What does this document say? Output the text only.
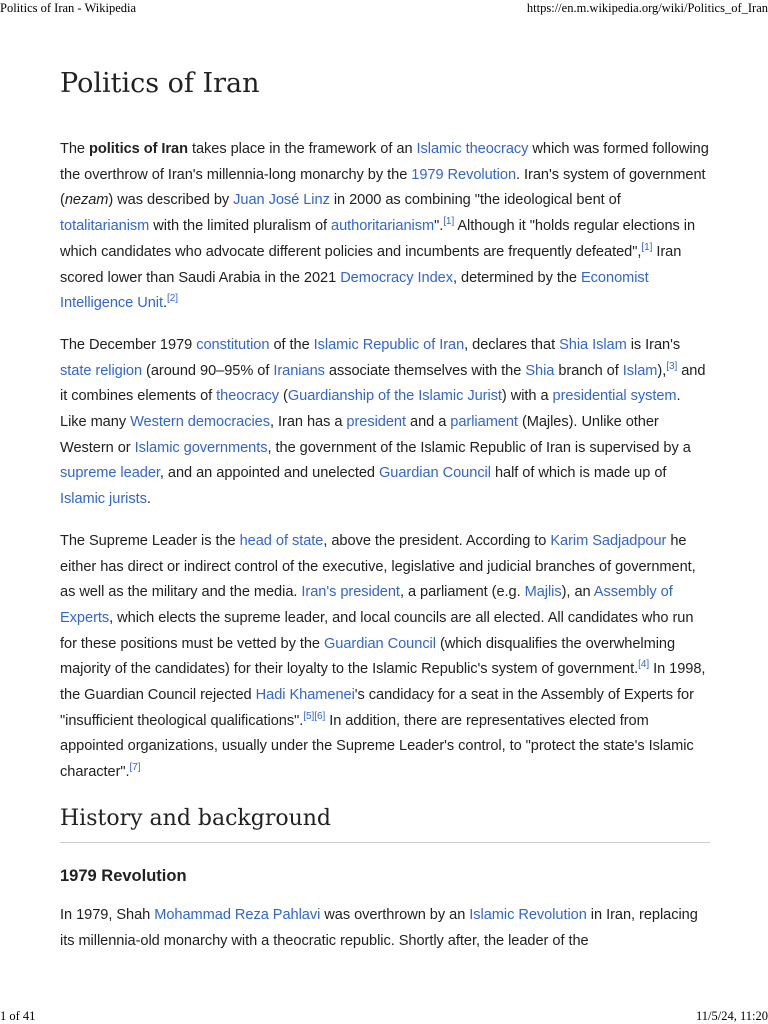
Politics of Iran - Wikipedia	https://en.m.wikipedia.org/wiki/Politics_of_Iran
Politics of Iran

The politics of Iran takes place in the framework of an Islamic theocracy which was formed following the overthrow of Iran's millennia-long monarchy by the 1979 Revolution. Iran's system of government (nezam) was described by Juan José Linz in 2000 as combining "the ideological bent of totalitarianism with the limited pluralism of authoritarianism".[1] Although it "holds regular elections in which candidates who advocate different policies and incumbents are frequently defeated",[1] Iran scored lower than Saudi Arabia in the 2021 Democracy Index, determined by the Economist Intelligence Unit.[2]

The December 1979 constitution of the Islamic Republic of Iran, declares that Shia Islam is Iran's state religion (around 90–95% of Iranians associate themselves with the Shia branch of Islam),[3] and it combines elements of theocracy (Guardianship of the Islamic Jurist) with a presidential system. Like many Western democracies, Iran has a president and a parliament (Majles). Unlike other Western or Islamic governments, the government of the Islamic Republic of Iran is supervised by a supreme leader, and an appointed and unelected Guardian Council half of which is made up of Islamic jurists.

The Supreme Leader is the head of state, above the president. According to Karim Sadjadpour he either has direct or indirect control of the executive, legislative and judicial branches of government, as well as the military and the media. Iran's president, a parliament (e.g. Majlis), an Assembly of Experts, which elects the supreme leader, and local councils are all elected. All candidates who run for these positions must be vetted by the Guardian Council (which disqualifies the overwhelming majority of the candidates) for their loyalty to the Islamic Republic's system of government.[4] In 1998, the Guardian Council rejected Hadi Khamenei's candidacy for a seat in the Assembly of Experts for "insufficient theological qualifications".[5][6] In addition, there are representatives elected from appointed organizations, usually under the Supreme Leader's control, to "protect the state's Islamic character".[7]

History and background
1979 Revolution

In 1979, Shah Mohammad Reza Pahlavi was overthrown by an Islamic Revolution in Iran, replacing its millennia-old monarchy with a theocratic republic. Shortly after, the leader of the

1 of 41	11/5/24, 11:20
